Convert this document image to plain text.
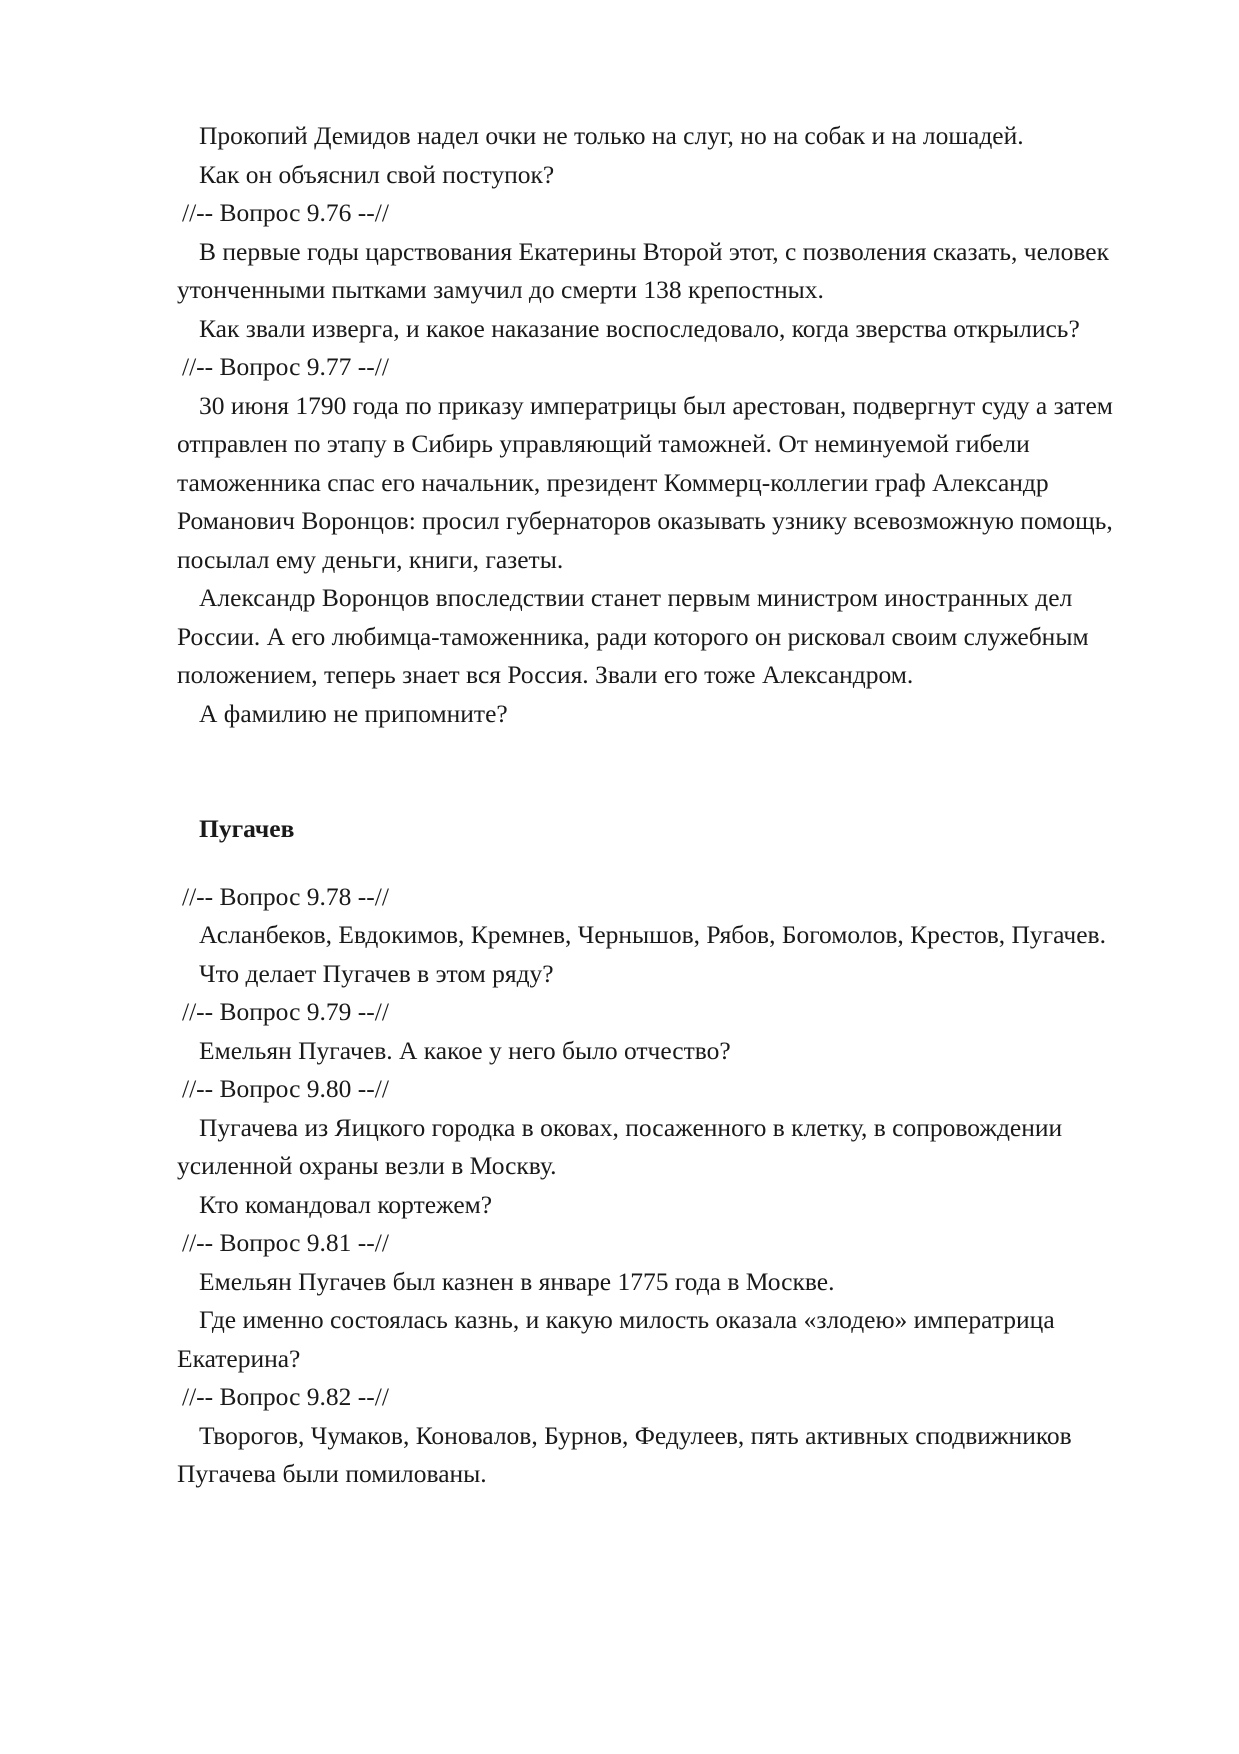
Прокопий Демидов надел очки не только на слуг, но на собак и на лошадей.

Как он объяснил свой поступок?

//-- Вопрос 9.76 --//

В первые годы царствования Екатерины Второй этот, с позволения сказать, человек утонченными пытками замучил до смерти 138 крепостных.

Как звали изверга, и какое наказание воспоследовало, когда зверства открылись?

//-- Вопрос 9.77 --//

30 июня 1790 года по приказу императрицы был арестован, подвергнут суду а затем отправлен по этапу в Сибирь управляющий таможней. От неминуемой гибели таможенника спас его начальник, президент Коммерц-коллегии граф Александр Романович Воронцов: просил губернаторов оказывать узнику всевозможную помощь, посылал ему деньги, книги, газеты.

Александр Воронцов впоследствии станет первым министром иностранных дел России. А его любимца-таможенника, ради которого он рисковал своим служебным положением, теперь знает вся Россия. Звали его тоже Александром.

А фамилию не припомните?

Пугачев

//-- Вопрос 9.78 --//

Асланбеков, Евдокимов, Кремнев, Чернышов, Рябов, Богомолов, Крестов, Пугачев.

Что делает Пугачев в этом ряду?

//-- Вопрос 9.79 --//

Емельян Пугачев. А какое у него было отчество?

//-- Вопрос 9.80 --//

Пугачева из Яицкого городка в оковах, посаженного в клетку, в сопровождении усиленной охраны везли в Москву.

Кто командовал кортежем?

//-- Вопрос 9.81 --//

Емельян Пугачев был казнен в январе 1775 года в Москве.

Где именно состоялась казнь, и какую милость оказала «злодею» императрица Екатерина?

//-- Вопрос 9.82 --//

Творогов, Чумаков, Коновалов, Бурнов, Федулеев, пять активных сподвижников Пугачева были помилованы.
